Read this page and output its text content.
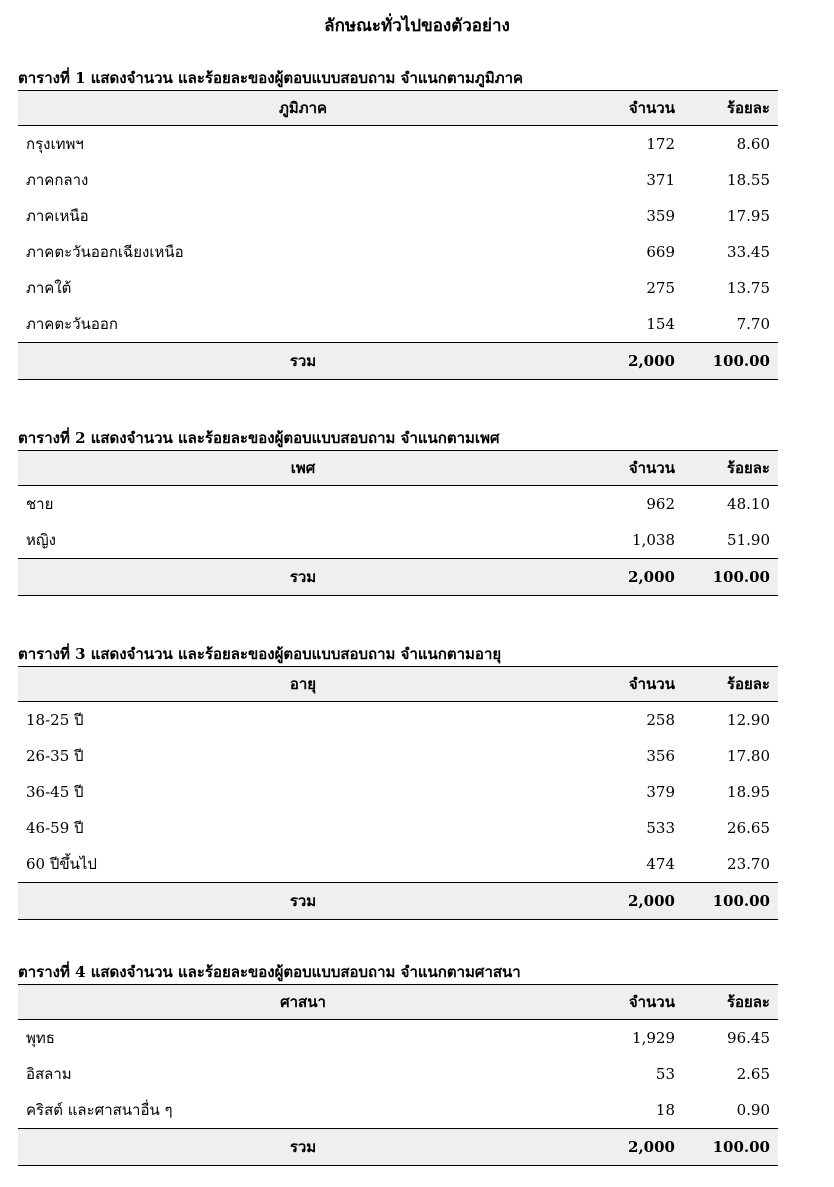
ลักษณะทั่วไปของตัวอย่าง
ตารางที่ 1 แสดงจำนวน และร้อยละของผู้ตอบแบบสอบถาม จำแนกตามภูมิภาค
ภูมิภาค	จำนวน	ร้อยละ
กรุงเทพฯ	172	8.60
ภาคกลาง	371	18.55
ภาคเหนือ	359	17.95
ภาคตะวันออกเฉียงเหนือ	669	33.45
ภาคใต้	275	13.75
ภาคตะวันออก	154	7.70
รวม	2,000	100.00
ตารางที่ 2 แสดงจำนวน และร้อยละของผู้ตอบแบบสอบถาม จำแนกตามเพศ
เพศ	จำนวน	ร้อยละ
ชาย	962	48.10
หญิง	1,038	51.90
รวม	2,000	100.00
ตารางที่ 3 แสดงจำนวน และร้อยละของผู้ตอบแบบสอบถาม จำแนกตามอายุ
อายุ	จำนวน	ร้อยละ
18-25 ปี	258	12.90
26-35 ปี	356	17.80
36-45 ปี	379	18.95
46-59 ปี	533	26.65
60 ปีขึ้นไป	474	23.70
รวม	2,000	100.00
ตารางที่ 4 แสดงจำนวน และร้อยละของผู้ตอบแบบสอบถาม จำแนกตามศาสนา
ศาสนา	จำนวน	ร้อยละ
พุทธ	1,929	96.45
อิสลาม	53	2.65
คริสต์ และศาสนาอื่น ๆ	18	0.90
รวม	2,000	100.00
